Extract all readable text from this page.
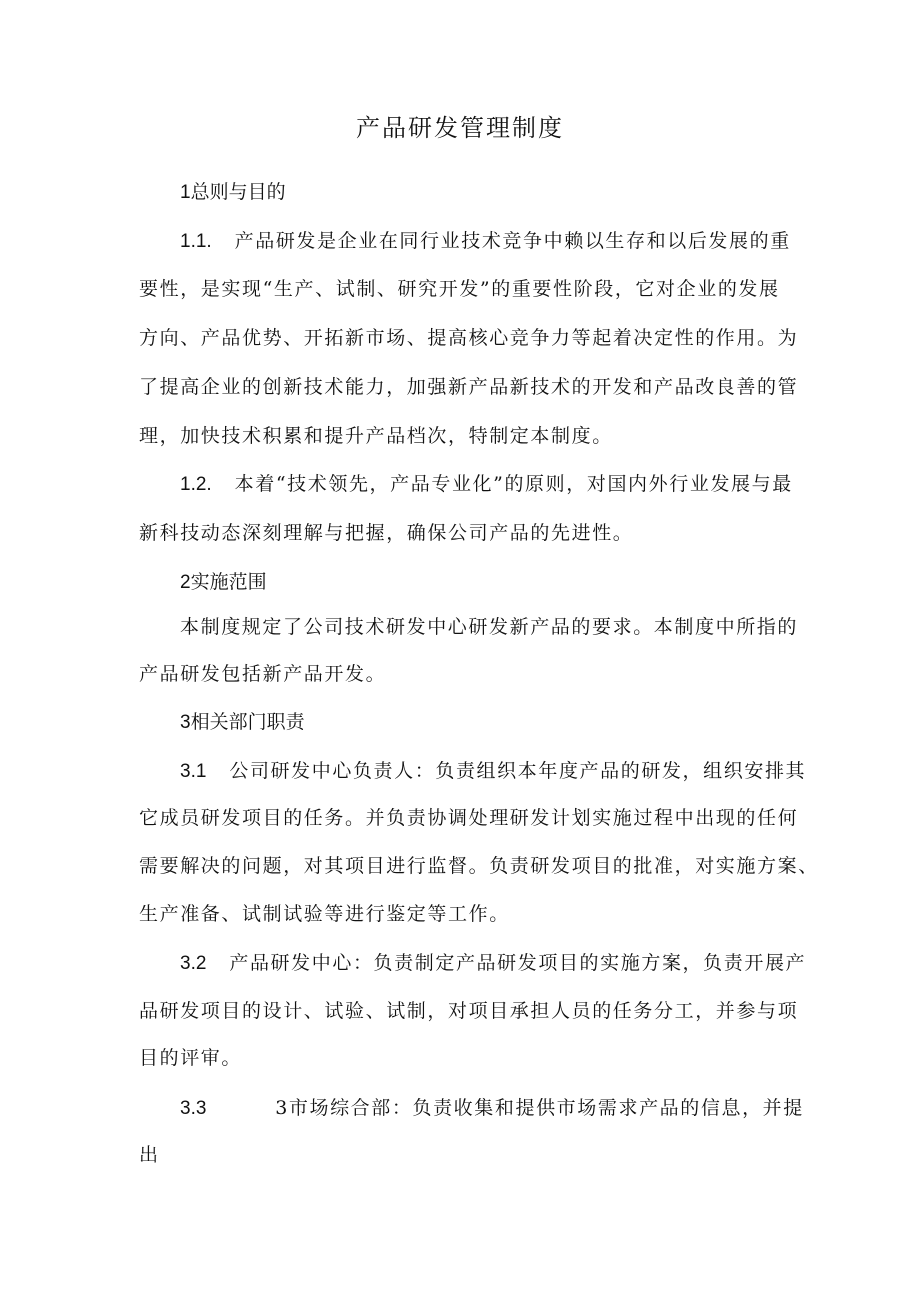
产品研发管理制度
1总则与目的
1.1. 产品研发是企业在同行业技术竞争中赖以生存和以后发展的重
要性，是实现“生产、试制、研究开发”的重要性阶段，它对企业的发展
方向、产品优势、开拓新市场、提高核心竞争力等起着决定性的作用。为
了提高企业的创新技术能力，加强新产品新技术的开发和产品改良善的管
理，加快技术积累和提升产品档次，特制定本制度。
1.2. 本着“技术领先，产品专业化”的原则，对国内外行业发展与最
新科技动态深刻理解与把握，确保公司产品的先进性。
2实施范围
本制度规定了公司技术研发中心研发新产品的要求。本制度中所指的
产品研发包括新产品开发。
3相关部门职责
3.1 公司研发中心负责人：负责组织本年度产品的研发，组织安排其
它成员研发项目的任务。并负责协调处理研发计划实施过程中出现的任何
需要解决的问题，对其项目进行监督。负责研发项目的批准，对实施方案、
生产准备、试制试验等进行鉴定等工作。
3.2 产品研发中心：负责制定产品研发项目的实施方案，负责开展产
品研发项目的设计、试验、试制，对项目承担人员的任务分工，并参与项
目的评审。
3.3	3市场综合部：负责收集和提供市场需求产品的信息，并提
出
